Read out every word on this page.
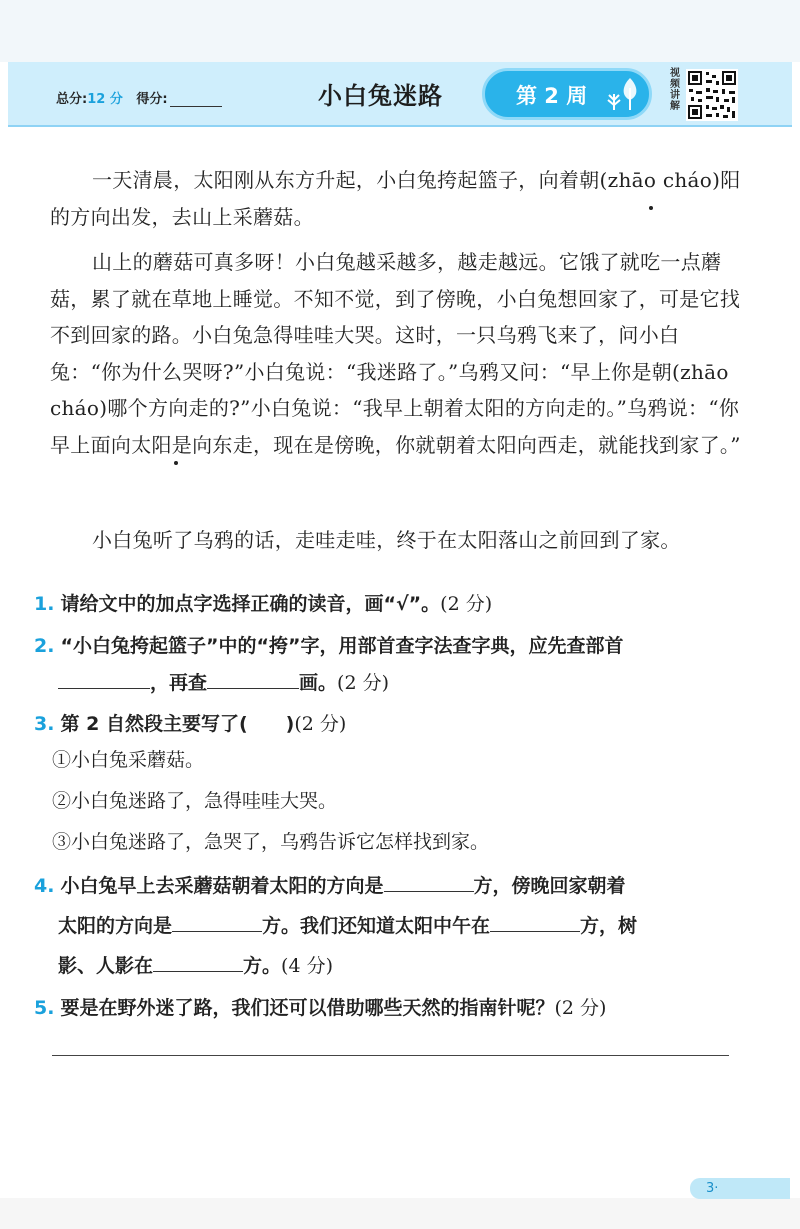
总分:12 分 得分:	小白兔迷路	第 2 周
视频讲解

一天清晨，太阳刚从东方升起，小白兔挎起篮子，向着朝(zhāo cháo)阳的方向出发，去山上采蘑菇。

山上的蘑菇可真多呀！小白兔越采越多，越走越远。它饿了就吃一点蘑菇，累了就在草地上睡觉。不知不觉，到了傍晚，小白兔想回家了，可是它找不到回家的路。小白兔急得哇哇大哭。这时，一只乌鸦飞来了，问小白兔：“你为什么哭呀?”小白兔说：“我迷路了。”乌鸦又问：“早上你是朝(zhāo　cháo)哪个方向走的?”小白兔说：“我早上朝着太阳的方向走的。”乌鸦说：“你早上面向太阳是向东走，现在是傍晚，你就朝着太阳向西走，就能找到家了。”

小白兔听了乌鸦的话，走哇走哇，终于在太阳落山之前回到了家。

1. 请给文中的加点字选择正确的读音，画“√”。(2 分)
2. “小白兔挎起篮子”中的“挎”字，用部首查字法查字典，应先查部首
，再查	画。(2 分)
3. 第 2 自然段主要写了(　　)(2 分)
①小白兔采蘑菇。
②小白兔迷路了，急得哇哇大哭。
③小白兔迷路了，急哭了，乌鸦告诉它怎样找到家。
4. 小白兔早上去采蘑菇朝着太阳的方向是	方，傍晚回家朝着
太阳的方向是	方。我们还知道太阳中午在	方，树
影、人影在	方。(4 分)
5. 要是在野外迷了路，我们还可以借助哪些天然的指南针呢？(2 分)
3·
